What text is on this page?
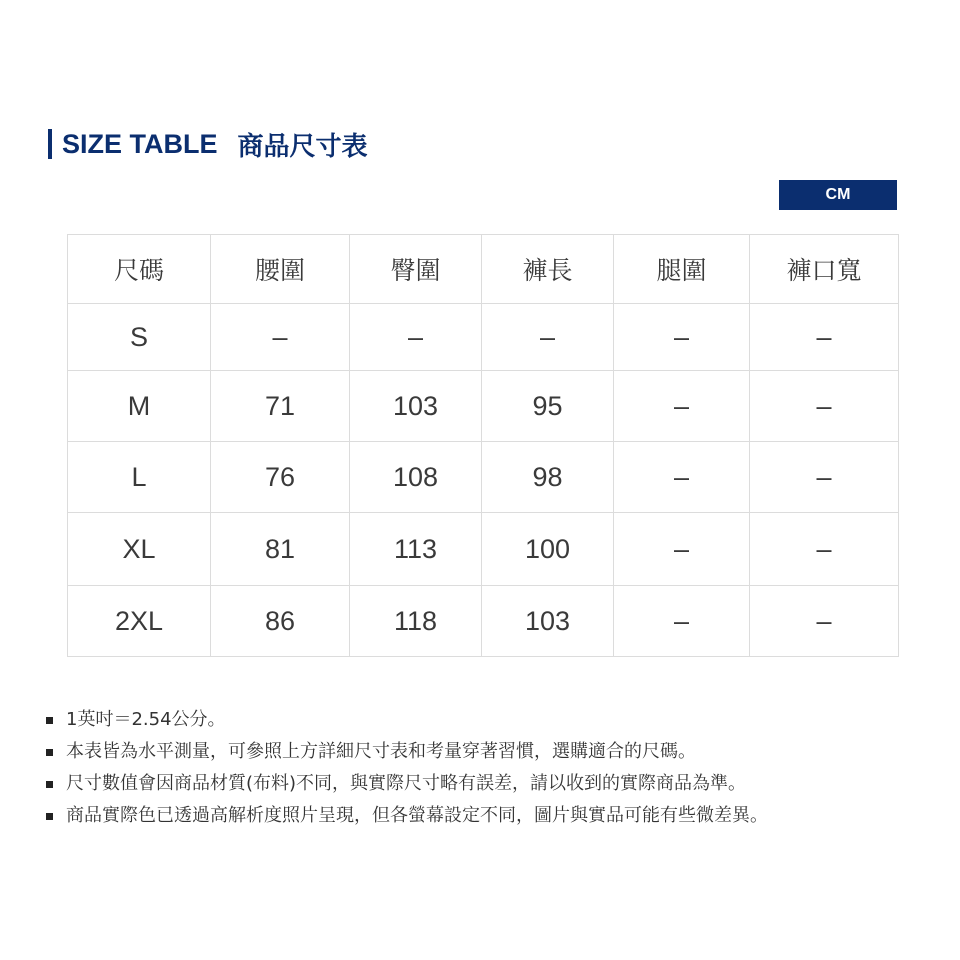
SIZE TABLE 商品尺寸表
CM
尺碼	腰圍	臀圍	褲長	腿圍	褲口寬
S	–	–	–	–	–
M	71	103	95	–	–
L	76	108	98	–	–
XL	81	113	100	–	–
2XL	86	118	103	–	–
1英吋＝2.54公分。
本表皆為水平測量，可參照上方詳細尺寸表和考量穿著習慣，選購適合的尺碼。
尺寸數值會因商品材質(布料)不同，與實際尺寸略有誤差，請以收到的實際商品為準。
商品實際色已透過高解析度照片呈現，但各螢幕設定不同，圖片與實品可能有些微差異。
